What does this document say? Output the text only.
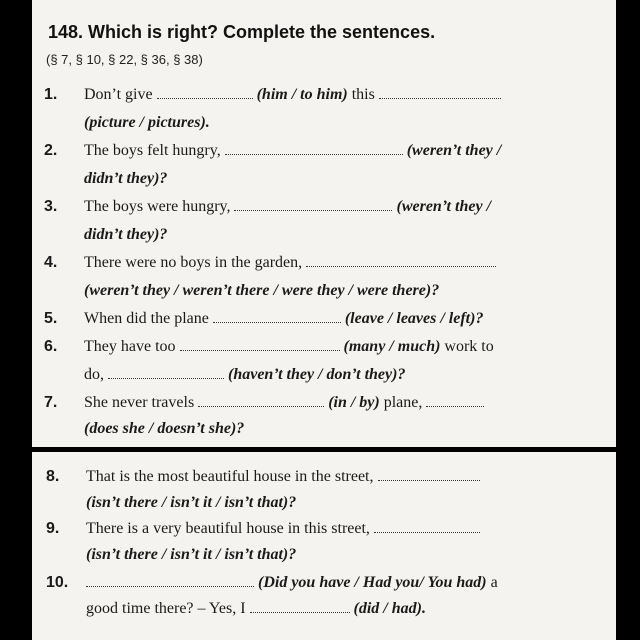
148. Which is right? Complete the sentences.
(§ 7, § 10, § 22, § 36, § 38)
1. Don’t give	(him / to him) this
(picture / pictures).
2. The boys felt hungry,	(weren’t they /
didn’t they)?
3. The boys were hungry,	(weren’t they /
didn’t they)?
4. There were no boys in the garden,
(weren’t they / weren’t there / were they / were there)?
5. When did the plane	(leave / leaves / left)?
6. They have too	(many / much) work to
do,	(haven’t they / don’t they)?
7. She never travels	(in / by) plane,
(does she / doesn’t she)?
8. That is the most beautiful house in the street,
(isn’t there / isn’t it / isn’t that)?
9. There is a very beautiful house in this street,
(isn’t there / isn’t it / isn’t that)?
10.	(Did you have / Had you/ You had) a
good time there? – Yes, I	(did / had).
